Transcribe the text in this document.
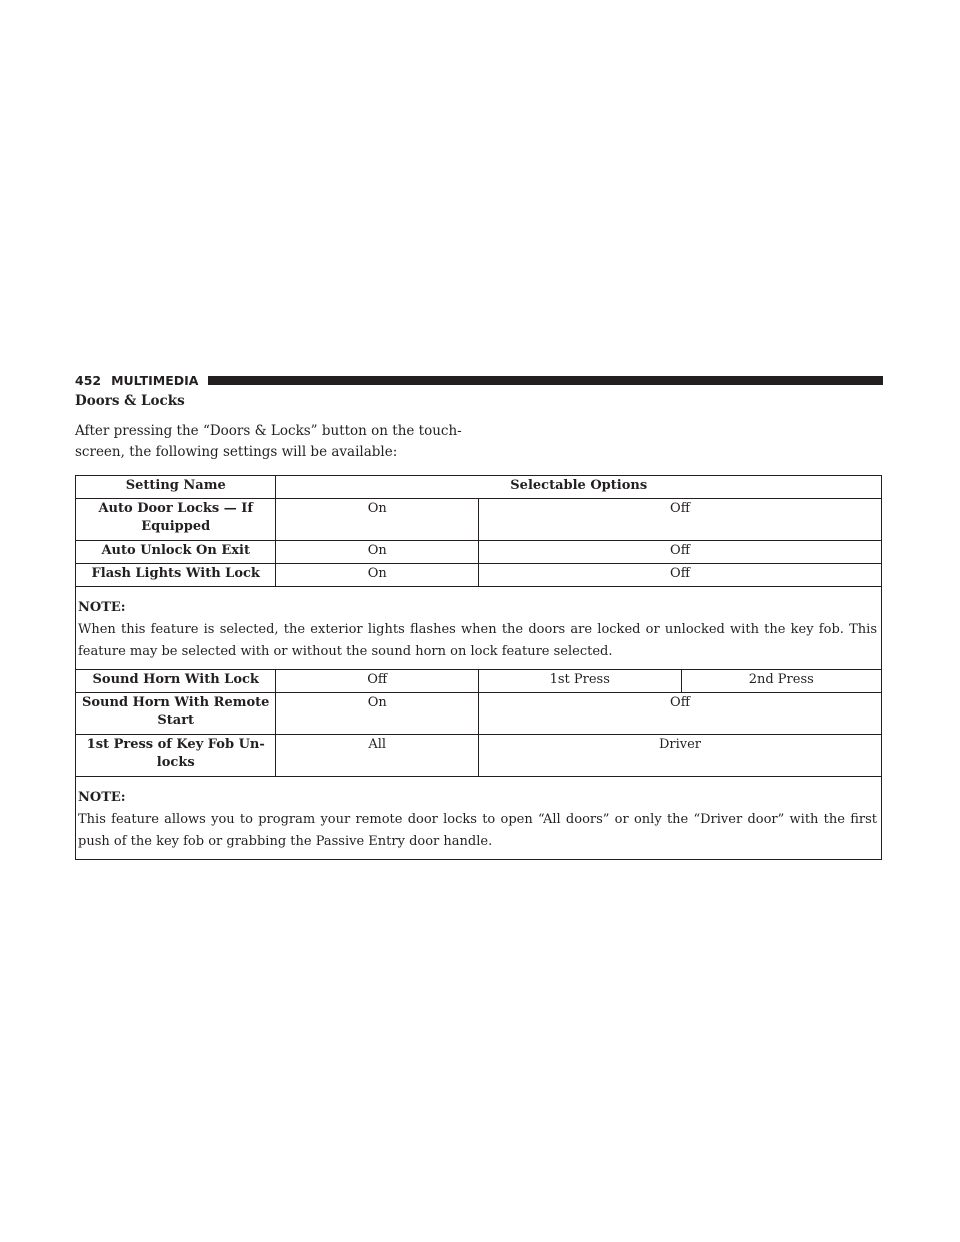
452 MULTIMEDIA
Doors & Locks
After pressing the “Doors & Locks” button on the touch-screen, the following settings will be available:
Setting Name	Selectable Options		
Auto Door Locks — If Equipped	On	Off	
Auto Unlock On Exit	On	Off	
Flash Lights With Lock	On	Off	

NOTE:
When this feature is selected, the exterior lights flashes when the doors are locked or unlocked with the key fob. This feature may be selected with or without the sound horn on lock feature selected.			

Sound Horn With Lock	Off	1st Press	2nd Press
Sound Horn With Remote Start	On	Off	
1st Press of Key Fob Un-locks	All	Driver	

NOTE:
This feature allows you to program your remote door locks to open “All doors” or only the “Driver door” with the first push of the key fob or grabbing the Passive Entry door handle.			
